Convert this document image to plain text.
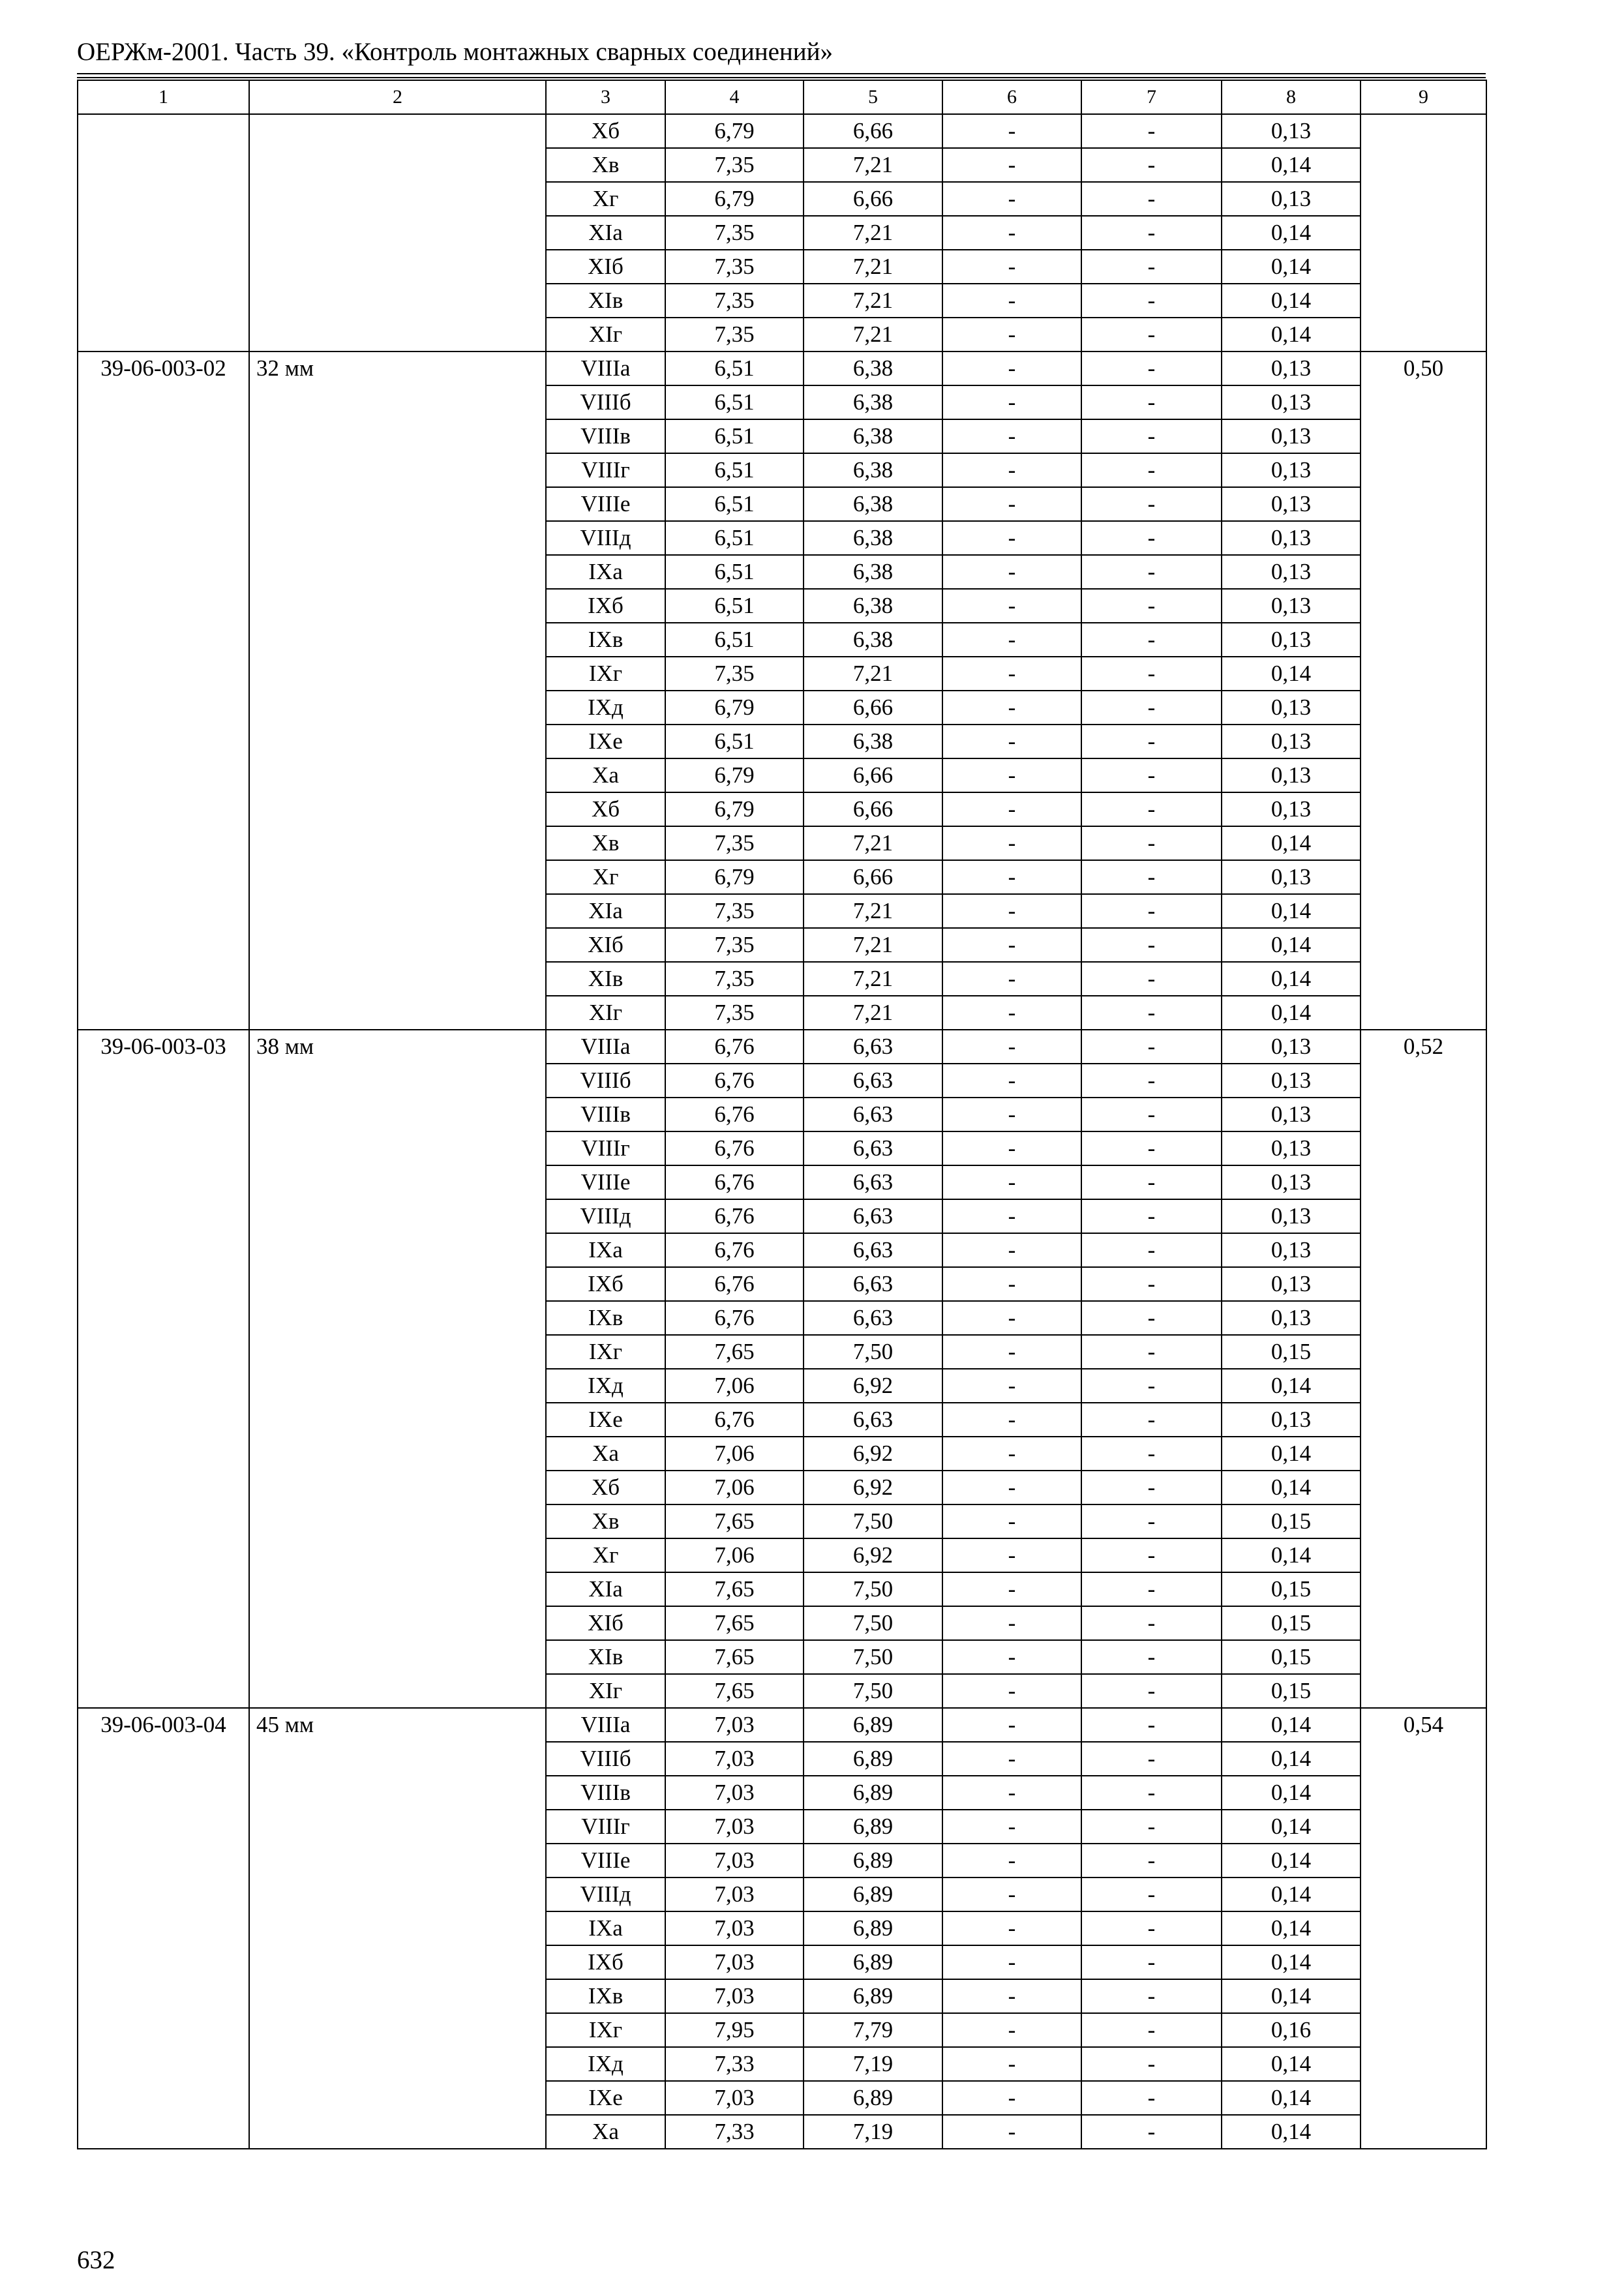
ОЕРЖм-2001. Часть 39. «Контроль монтажных сварных соединений»
1	2	3	4	5	6	7	8	9
		Хб	6,79	6,66	-	-	0,13	
		Хв	7,35	7,21	-	-	0,14	
		Хг	6,79	6,66	-	-	0,13	
		ХIа	7,35	7,21	-	-	0,14	
		ХIб	7,35	7,21	-	-	0,14	
		ХIв	7,35	7,21	-	-	0,14	
		ХIг	7,35	7,21	-	-	0,14	
39-06-003-02	32 мм	VIIIа	6,51	6,38	-	-	0,13	0,50
		VIIIб	6,51	6,38	-	-	0,13	
		VIIIв	6,51	6,38	-	-	0,13	
		VIIIг	6,51	6,38	-	-	0,13	
		VIIIе	6,51	6,38	-	-	0,13	
		VIIIд	6,51	6,38	-	-	0,13	
		IХа	6,51	6,38	-	-	0,13	
		IХб	6,51	6,38	-	-	0,13	
		IХв	6,51	6,38	-	-	0,13	
		IХг	7,35	7,21	-	-	0,14	
		IХд	6,79	6,66	-	-	0,13	
		IХе	6,51	6,38	-	-	0,13	
		Ха	6,79	6,66	-	-	0,13	
		Хб	6,79	6,66	-	-	0,13	
		Хв	7,35	7,21	-	-	0,14	
		Хг	6,79	6,66	-	-	0,13	
		ХIа	7,35	7,21	-	-	0,14	
		ХIб	7,35	7,21	-	-	0,14	
		ХIв	7,35	7,21	-	-	0,14	
		ХIг	7,35	7,21	-	-	0,14	
39-06-003-03	38 мм	VIIIа	6,76	6,63	-	-	0,13	0,52
		VIIIб	6,76	6,63	-	-	0,13	
		VIIIв	6,76	6,63	-	-	0,13	
		VIIIг	6,76	6,63	-	-	0,13	
		VIIIе	6,76	6,63	-	-	0,13	
		VIIIд	6,76	6,63	-	-	0,13	
		IХа	6,76	6,63	-	-	0,13	
		IХб	6,76	6,63	-	-	0,13	
		IХв	6,76	6,63	-	-	0,13	
		IХг	7,65	7,50	-	-	0,15	
		IХд	7,06	6,92	-	-	0,14	
		IХе	6,76	6,63	-	-	0,13	
		Ха	7,06	6,92	-	-	0,14	
		Хб	7,06	6,92	-	-	0,14	
		Хв	7,65	7,50	-	-	0,15	
		Хг	7,06	6,92	-	-	0,14	
		ХIа	7,65	7,50	-	-	0,15	
		ХIб	7,65	7,50	-	-	0,15	
		ХIв	7,65	7,50	-	-	0,15	
		ХIг	7,65	7,50	-	-	0,15	
39-06-003-04	45 мм	VIIIа	7,03	6,89	-	-	0,14	0,54
		VIIIб	7,03	6,89	-	-	0,14	
		VIIIв	7,03	6,89	-	-	0,14	
		VIIIг	7,03	6,89	-	-	0,14	
		VIIIе	7,03	6,89	-	-	0,14	
		VIIIд	7,03	6,89	-	-	0,14	
		IХа	7,03	6,89	-	-	0,14	
		IХб	7,03	6,89	-	-	0,14	
		IХв	7,03	6,89	-	-	0,14	
		IХг	7,95	7,79	-	-	0,16	
		IХд	7,33	7,19	-	-	0,14	
		IХе	7,03	6,89	-	-	0,14	
		Ха	7,33	7,19	-	-	0,14	
632
